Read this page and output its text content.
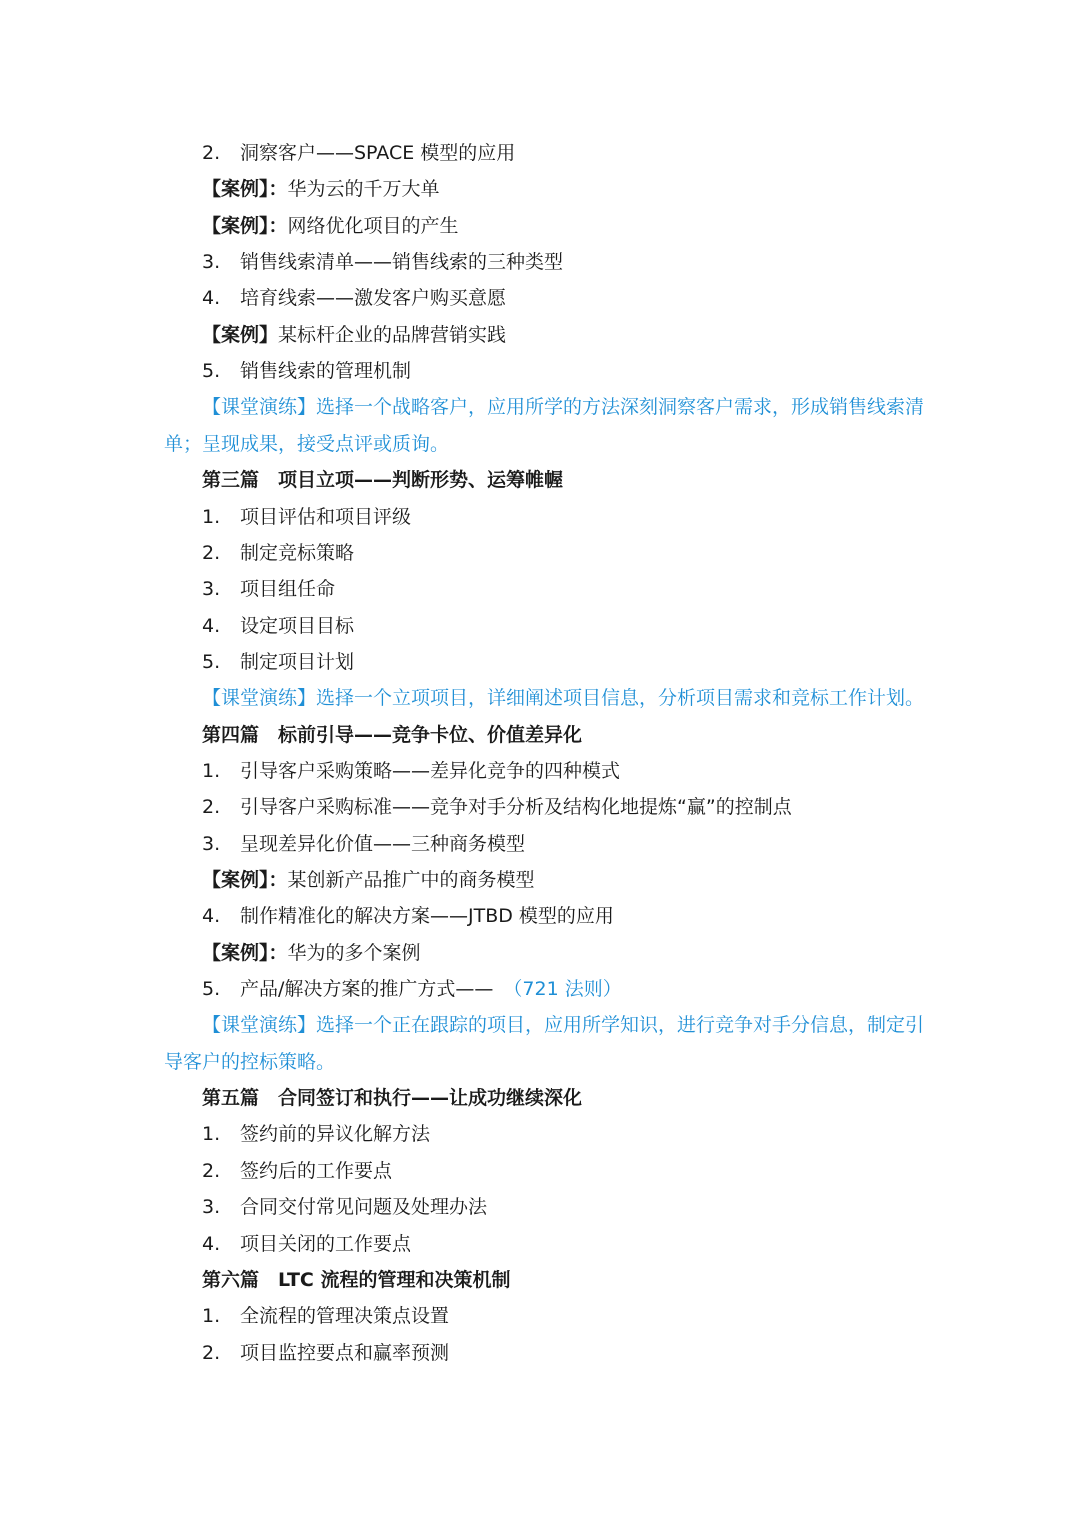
2. 洞察客户——SPACE 模型的应用
【案例】：华为云的千万大单
【案例】：网络优化项目的产生
3. 销售线索清单——销售线索的三种类型
4. 培育线索——激发客户购买意愿
【案例】某标杆企业的品牌营销实践
5. 销售线索的管理机制
【课堂演练】选择一个战略客户，应用所学的方法深刻洞察客户需求，形成销售线索清
单；呈现成果，接受点评或质询。
第三篇　项目立项——判断形势、运筹帷幄
1. 项目评估和项目评级
2. 制定竞标策略
3. 项目组任命
4. 设定项目目标
5. 制定项目计划
【课堂演练】选择一个立项项目，详细阐述项目信息，分析项目需求和竞标工作计划。
第四篇　标前引导——竞争卡位、价值差异化
1. 引导客户采购策略——差异化竞争的四种模式
2. 引导客户采购标准——竞争对手分析及结构化地提炼“赢”的控制点
3. 呈现差异化价值——三种商务模型
【案例】：某创新产品推广中的商务模型
4. 制作精准化的解决方案——JTBD 模型的应用
【案例】：华为的多个案例
5. 产品/解决方案的推广方式—— （721 法则）
【课堂演练】选择一个正在跟踪的项目，应用所学知识，进行竞争对手分信息，制定引
导客户的控标策略。
第五篇　合同签订和执行——让成功继续深化
1. 签约前的异议化解方法
2. 签约后的工作要点
3. 合同交付常见问题及处理办法
4. 项目关闭的工作要点
第六篇　LTC 流程的管理和决策机制
1. 全流程的管理决策点设置
2. 项目监控要点和赢率预测
